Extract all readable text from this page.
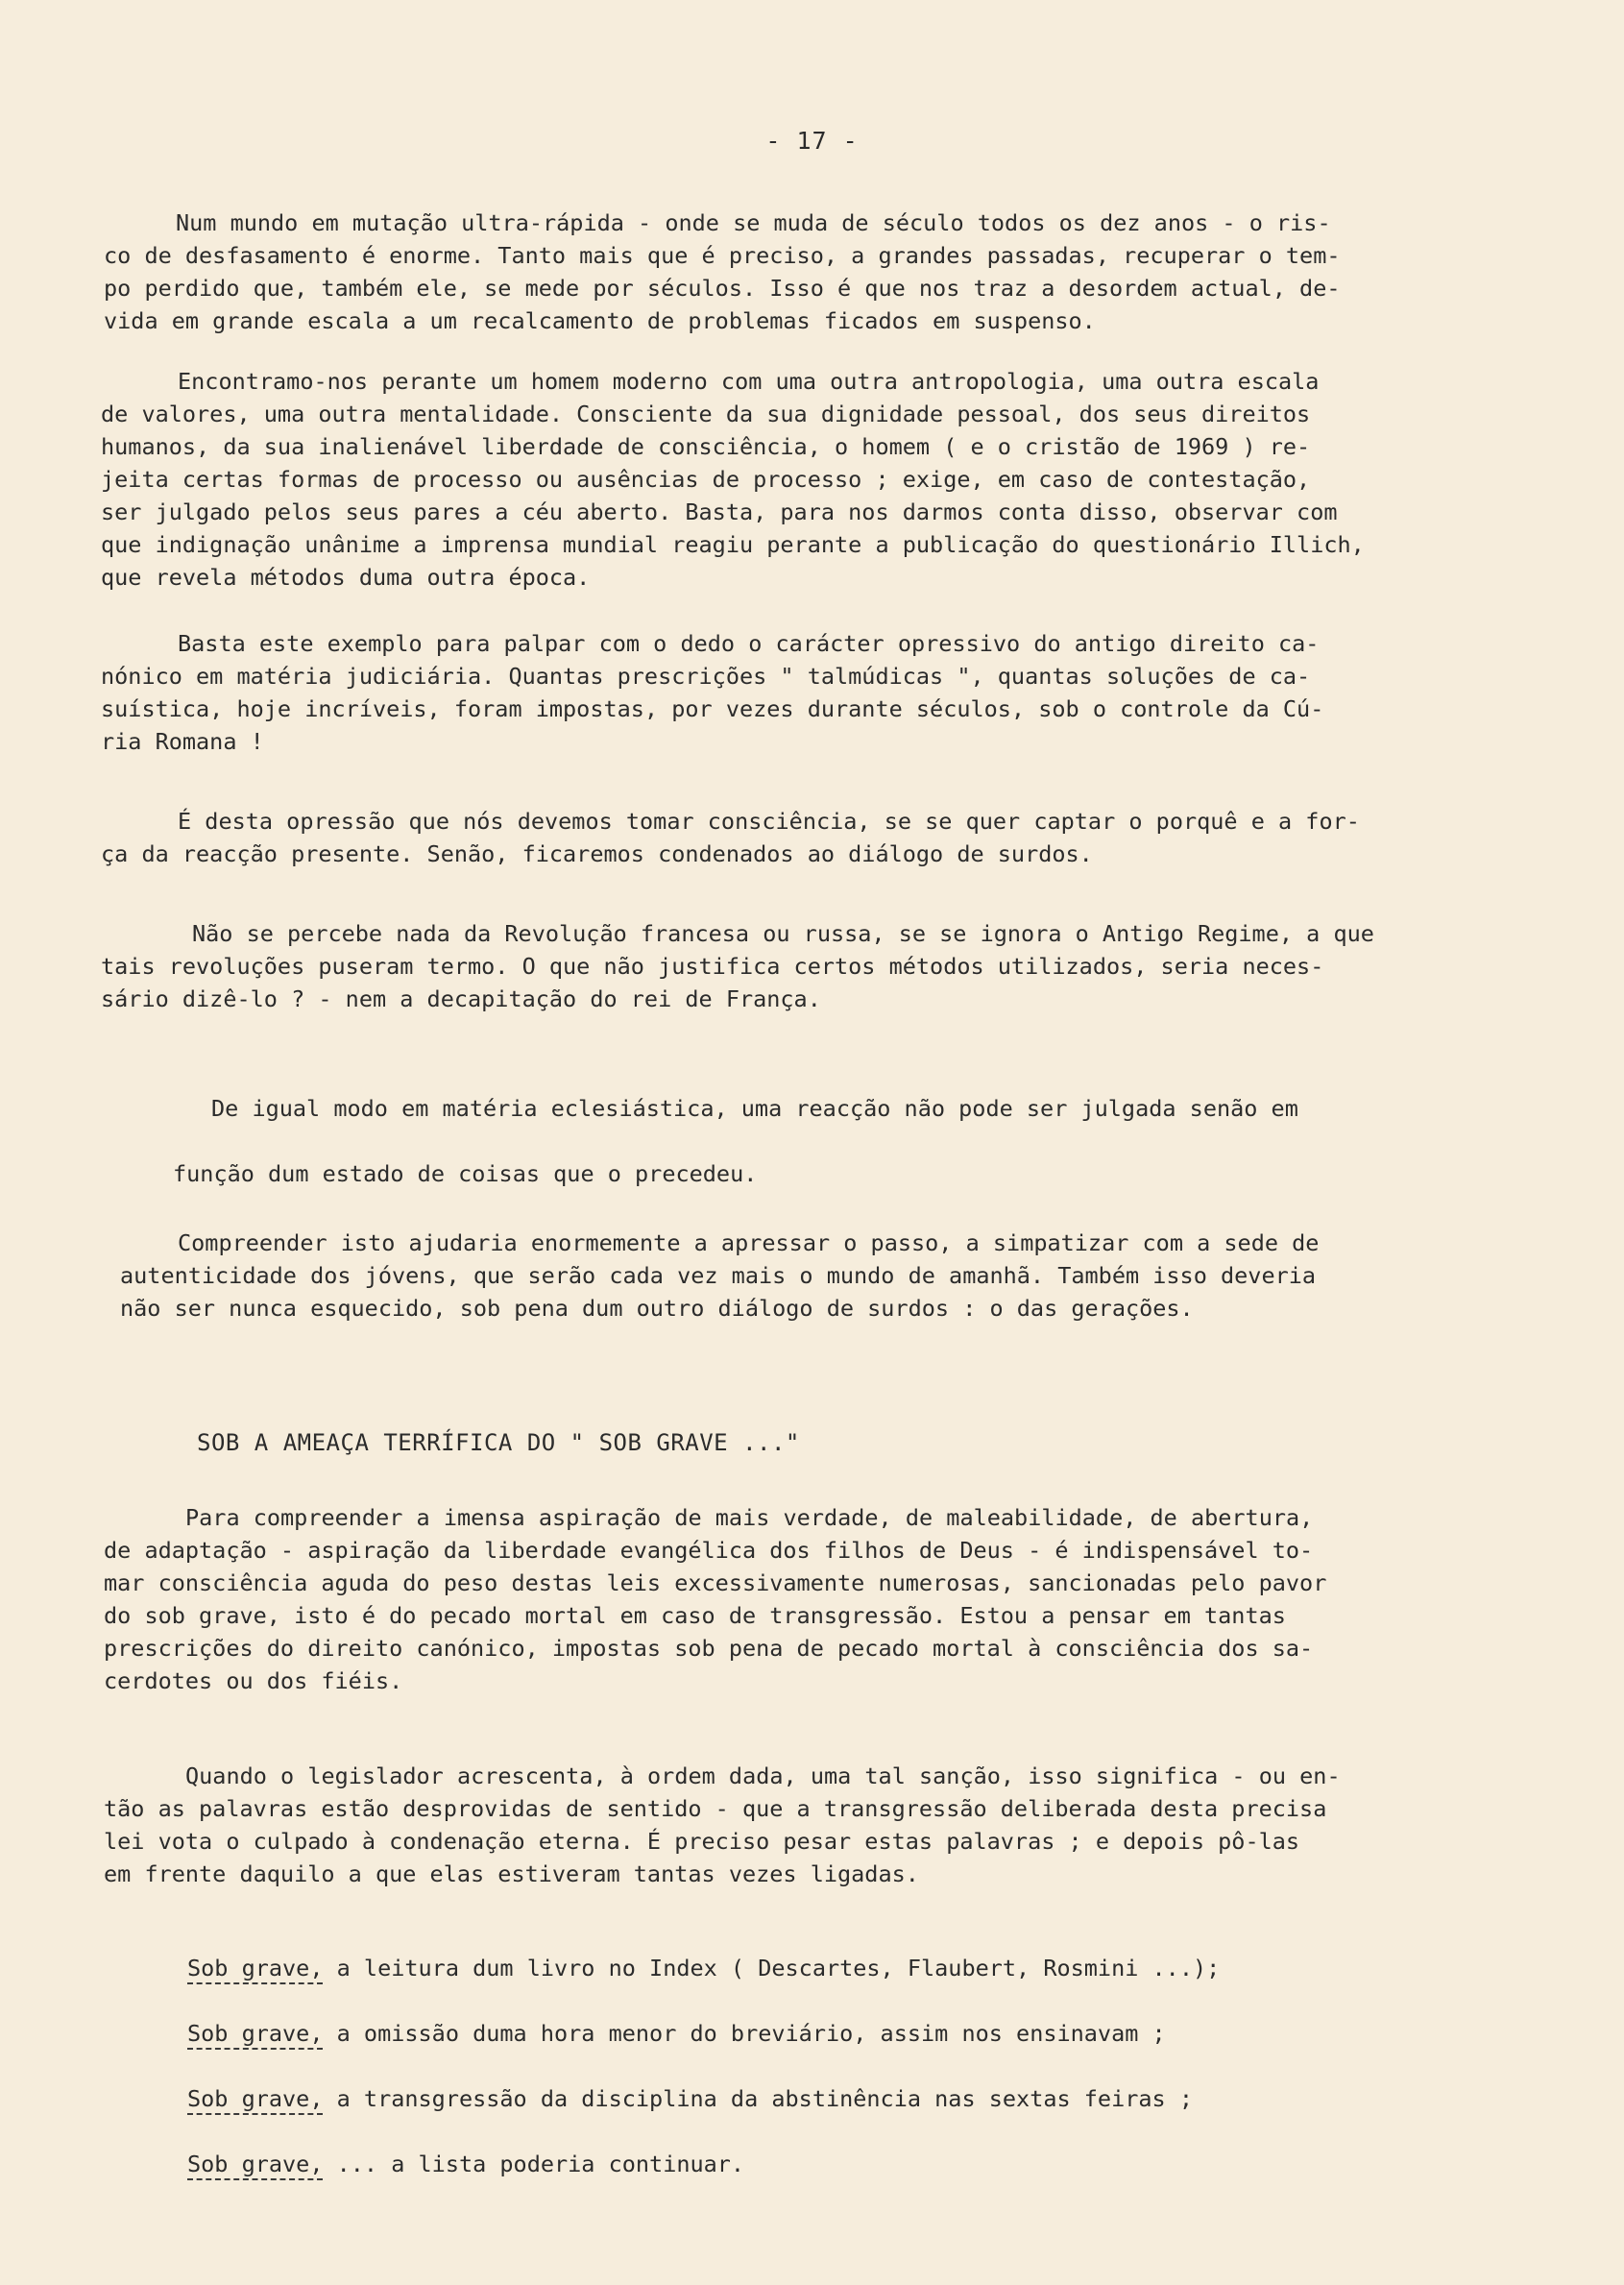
- 17 -
Num mundo em mutação ultra-rápida - onde se muda de século todos os dez anos - o ris-
co de desfasamento é enorme. Tanto mais que é preciso, a grandes passadas, recuperar o tem-
po perdido que, também ele, se mede por séculos. Isso é que nos traz a desordem actual, de-
vida em grande escala a um recalcamento de problemas ficados em suspenso.
Encontramo-nos perante um homem moderno com uma outra antropologia, uma outra escala
de valores, uma outra mentalidade. Consciente da sua dignidade pessoal, dos seus direitos
humanos, da sua inalienável liberdade de consciência, o homem ( e o cristão de 1969 ) re-
jeita certas formas de processo ou ausências de processo ; exige, em caso de contestação,
ser julgado pelos seus pares a céu aberto. Basta, para nos darmos conta disso, observar com
que indignação unânime a imprensa mundial reagiu perante a publicação do questionário Illich,
que revela métodos duma outra época.
Basta este exemplo para palpar com o dedo o carácter opressivo do antigo direito ca-
nónico em matéria judiciária. Quantas prescrições " talmúdicas ", quantas soluções de ca-
suística, hoje incríveis, foram impostas, por vezes durante séculos, sob o controle da Cú-
ria Romana !
É desta opressão que nós devemos tomar consciência, se se quer captar o porquê e a for-
ça da reacção presente. Senão, ficaremos condenados ao diálogo de surdos.
Não se percebe nada da Revolução francesa ou russa, se se ignora o Antigo Regime, a que
tais revoluções puseram termo. O que não justifica certos métodos utilizados, seria neces-
sário dizê-lo ? - nem a decapitação do rei de França.
De igual modo em matéria eclesiástica, uma reacção não pode ser julgada senão em
função dum estado de coisas que o precedeu.
Compreender isto ajudaria enormemente a apressar o passo, a simpatizar com a sede de
autenticidade dos jóvens, que serão cada vez mais o mundo de amanhã. Também isso deveria
não ser nunca esquecido, sob pena dum outro diálogo de surdos : o das gerações.
SOB A AMEAÇA TERRÍFICA DO " SOB GRAVE ..."
Para compreender a imensa aspiração de mais verdade, de maleabilidade, de abertura,
de adaptação - aspiração da liberdade evangélica dos filhos de Deus - é indispensável to-
mar consciência aguda do peso destas leis excessivamente numerosas, sancionadas pelo pavor
do sob grave, isto é do pecado mortal em caso de transgressão. Estou a pensar em tantas
prescrições do direito canónico, impostas sob pena de pecado mortal à consciência dos sa-
cerdotes ou dos fiéis.
Quando o legislador acrescenta, à ordem dada, uma tal sanção, isso significa - ou en-
tão as palavras estão desprovidas de sentido - que a transgressão deliberada desta precisa
lei vota o culpado à condenação eterna. É preciso pesar estas palavras ; e depois pô-las
em frente daquilo a que elas estiveram tantas vezes ligadas.
Sob grave, a leitura dum livro no Index ( Descartes, Flaubert, Rosmini ...);
Sob grave, a omissão duma hora menor do breviário, assim nos ensinavam ;
Sob grave, a transgressão da disciplina da abstinência nas sextas feiras ;
Sob grave, ... a lista poderia continuar.
